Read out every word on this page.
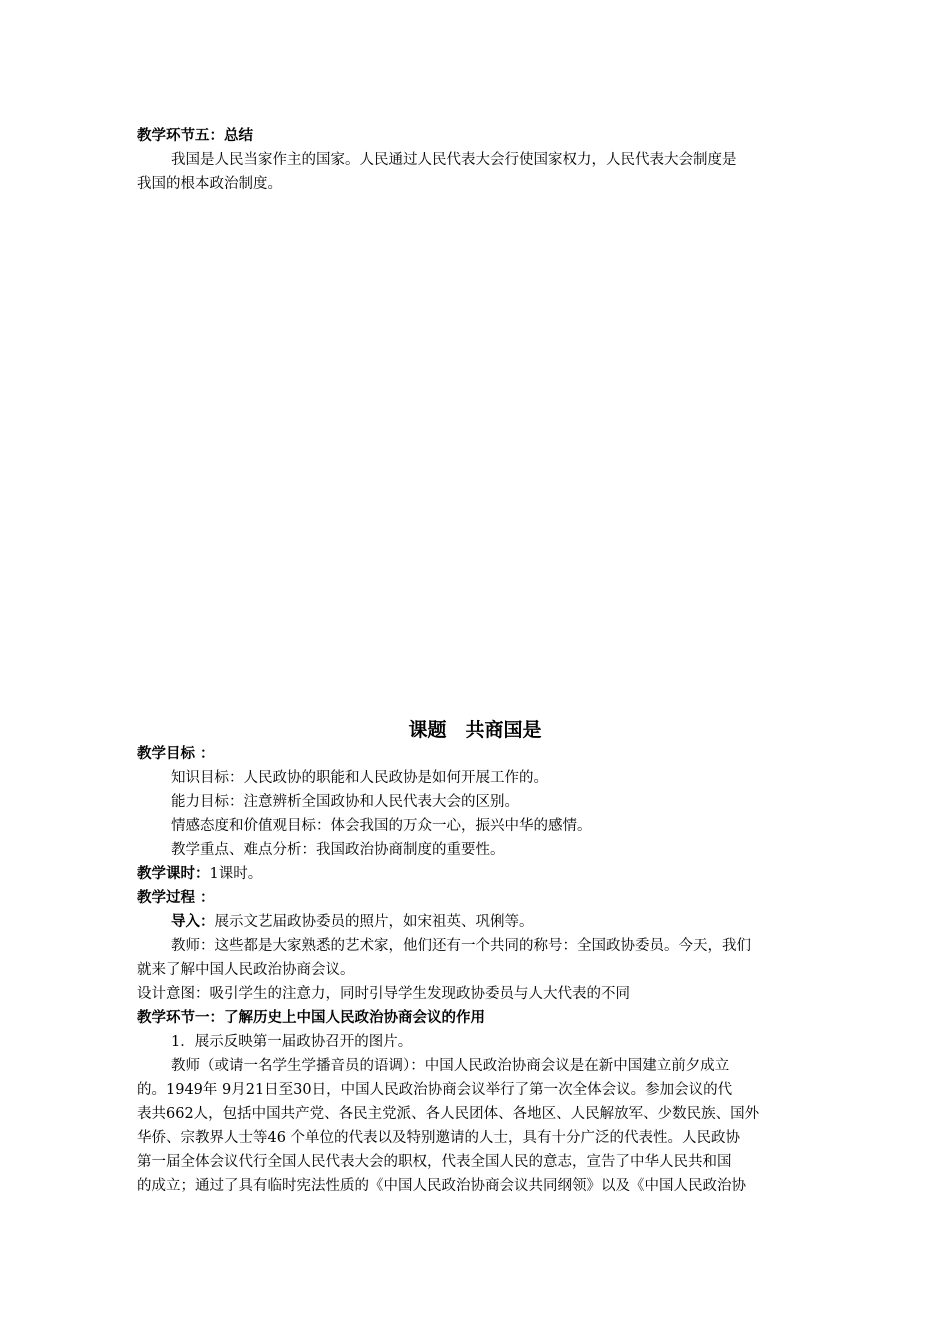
教学环节五：总结
我国是人民当家作主的国家。人民通过人民代表大会行使国家权力，人民代表大会制度是
我国的根本政治制度。
课题　共商国是
教学目标 ：
知识目标：人民政协的职能和人民政协是如何开展工作的。
能力目标：注意辨析全国政协和人民代表大会的区别。
情感态度和价值观目标：体会我国的万众一心，振兴中华的感情。
教学重点、难点分析：我国政治协商制度的重要性。
教学课时：1课时。
教学过程 ：
导入：展示文艺届政协委员的照片，如宋祖英、巩俐等。
教师：这些都是大家熟悉的艺术家，他们还有一个共同的称号：全国政协委员。今天，我们
就来了解中国人民政治协商会议。
设计意图：吸引学生的注意力，同时引导学生发现政协委员与人大代表的不同
教学环节一：了解历史上中国人民政治协商会议的作用
1．展示反映第一届政协召开的图片。
教师（或请一名学生学播音员的语调）：中国人民政治协商会议是在新中国建立前夕成立
的。1949年 9月21日至30日，中国人民政治协商会议举行了第一次全体会议。参加会议的代
表共662人，包括中国共产党、各民主党派、各人民团体、各地区、人民解放军、少数民族、国外
华侨、宗教界人士等46 个单位的代表以及特别邀请的人士，具有十分广泛的代表性。人民政协
第一届全体会议代行全国人民代表大会的职权，代表全国人民的意志，宣告了中华人民共和国
的成立；通过了具有临时宪法性质的《中国人民政治协商会议共同纲领》以及《中国人民政治协
